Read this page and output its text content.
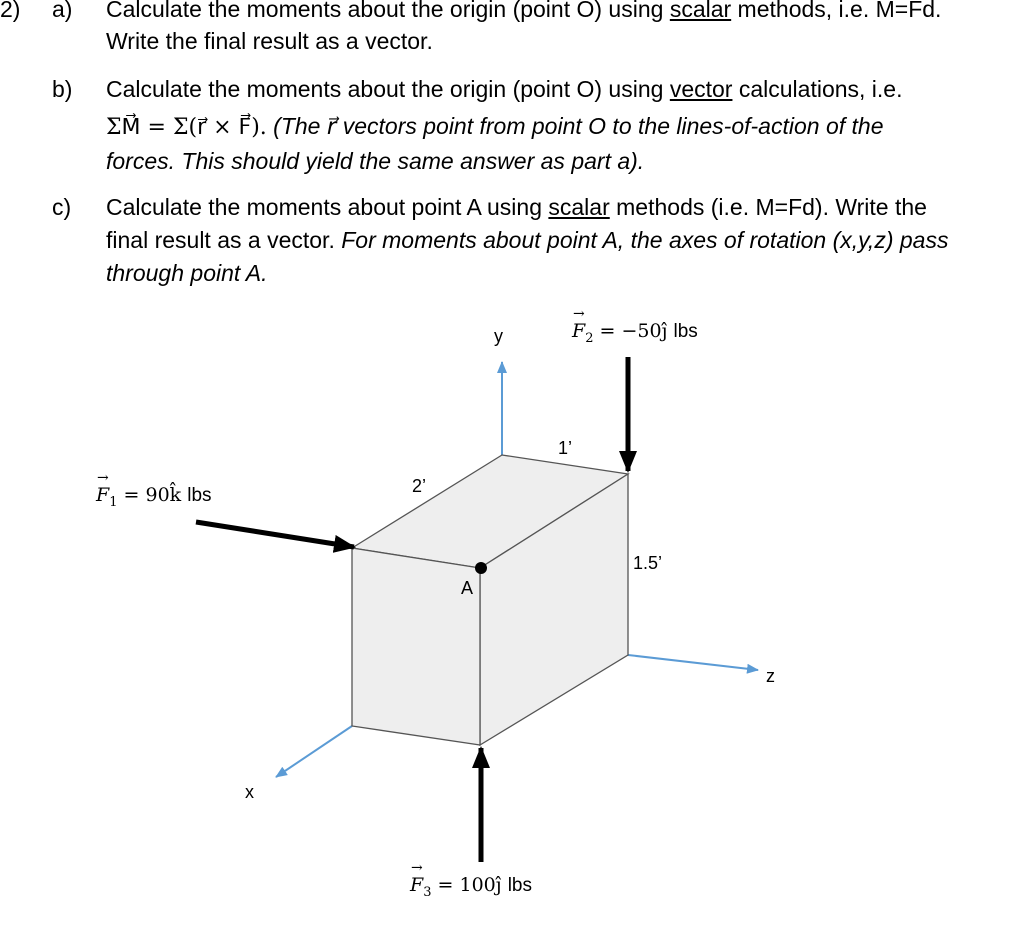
2) a) Calculate the moments about the origin (point O) using scalar methods, i.e. M=Fd.
Write the final result as a vector.
b) Calculate the moments about the origin (point O) using vector calculations, i.e.
ΣM⃗ = Σ(r⃗ × F⃗). (The r⃗ vectors point from point O to the lines-of-action of the
forces. This should yield the same answer as part a).
c) Calculate the moments about point A using scalar methods (i.e. M=Fd). Write the
final result as a vector. For moments about point A, the axes of rotation (x,y,z) pass
through point A.
y
z
x
A
2’
1’
1.5’
→
$F_1$ = 90k̂ lbs
→
$F_2$ = −50ĵ lbs
→
$F_3$ = 100ĵ lbs
